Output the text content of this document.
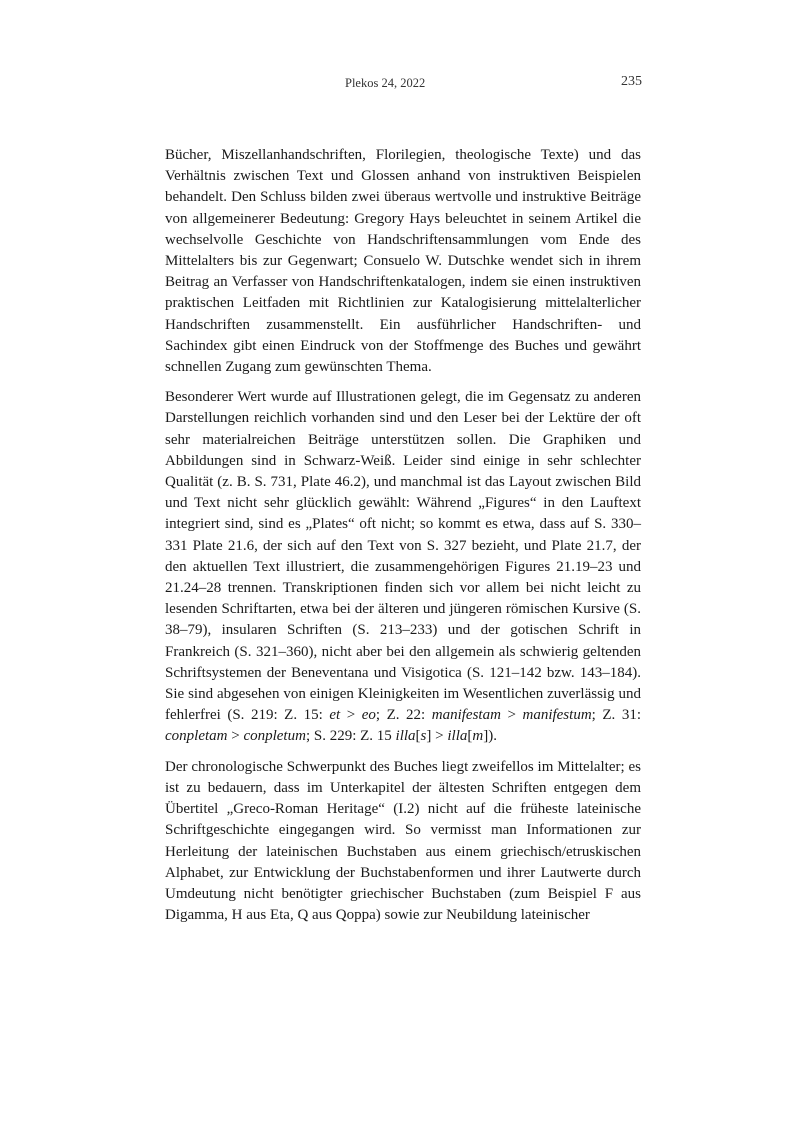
Plekos 24, 2022	235

Bücher, Miszellanhandschriften, Florilegien, theologische Texte) und das Verhältnis zwischen Text und Glossen anhand von instruktiven Beispielen behandelt. Den Schluss bilden zwei überaus wertvolle und instruktive Beiträge von allgemeinerer Bedeutung: Gregory Hays beleuchtet in seinem Artikel die wechselvolle Geschichte von Handschriftensammlungen vom Ende des Mittelalters bis zur Gegenwart; Consuelo W. Dutschke wendet sich in ihrem Beitrag an Verfasser von Handschriftenkatalogen, indem sie einen instruktiven praktischen Leitfaden mit Richtlinien zur Katalogisierung mittelalterlicher Handschriften zusammenstellt. Ein ausführlicher Handschriften- und Sachindex gibt einen Eindruck von der Stoffmenge des Buches und gewährt schnellen Zugang zum gewünschten Thema.

Besonderer Wert wurde auf Illustrationen gelegt, die im Gegensatz zu anderen Darstellungen reichlich vorhanden sind und den Leser bei der Lektüre der oft sehr materialreichen Beiträge unterstützen sollen. Die Graphiken und Abbildungen sind in Schwarz-Weiß. Leider sind einige in sehr schlechter Qualität (z. B. S. 731, Plate 46.2), und manchmal ist das Layout zwischen Bild und Text nicht sehr glücklich gewählt: Während „Figures“ in den Lauftext integriert sind, sind es „Plates“ oft nicht; so kommt es etwa, dass auf S. 330–331 Plate 21.6, der sich auf den Text von S. 327 bezieht, und Plate 21.7, der den aktuellen Text illustriert, die zusammengehörigen Figures 21.19–23 und 21.24–28 trennen. Transkriptionen finden sich vor allem bei nicht leicht zu lesenden Schriftarten, etwa bei der älteren und jüngeren römischen Kursive (S. 38–79), insularen Schriften (S. 213–233) und der gotischen Schrift in Frankreich (S. 321–360), nicht aber bei den allgemein als schwierig geltenden Schriftsystemen der Beneventana und Visigotica (S. 121–142 bzw. 143–184). Sie sind abgesehen von einigen Kleinigkeiten im Wesentlichen zuverlässig und fehlerfrei (S. 219: Z. 15: et > eo; Z. 22: manifestam > manifestum; Z. 31: conpletam > conpletum; S. 229: Z. 15 illa[s] > illa[m]).

Der chronologische Schwerpunkt des Buches liegt zweifellos im Mittelalter; es ist zu bedauern, dass im Unterkapitel der ältesten Schriften entgegen dem Übertitel „Greco-Roman Heritage“ (I.2) nicht auf die früheste lateinische Schriftgeschichte eingegangen wird. So vermisst man Informationen zur Herleitung der lateinischen Buchstaben aus einem griechisch/etruskischen Alphabet, zur Entwicklung der Buchstabenformen und ihrer Lautwerte durch Umdeutung nicht benötigter griechischer Buchstaben (zum Beispiel F aus Digamma, H aus Eta, Q aus Qoppa) sowie zur Neubildung lateinischer
